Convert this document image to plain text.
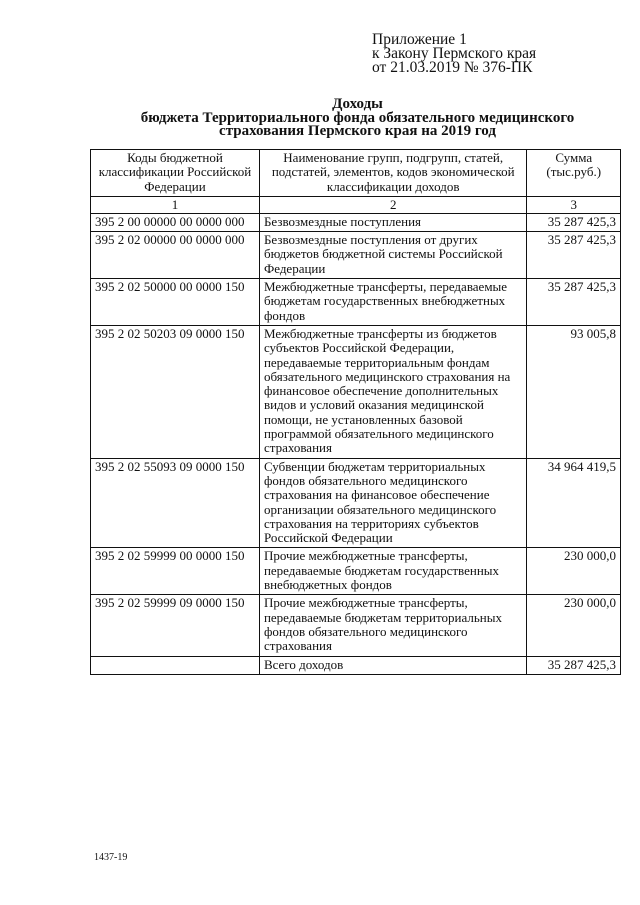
Приложение 1
к Закону Пермского края
от 21.03.2019 № 376-ПК
Доходы
бюджета Территориального фонда обязательного медицинского
страхования Пермского края на 2019 год
Коды бюджетной классификации Российской Федерации	Наименование групп, подгрупп, статей, подстатей, элементов, кодов экономической классификации доходов	Сумма (тыс.руб.)
1	2	3
395 2 00 00000 00 0000 000	Безвозмездные поступления	35 287 425,3
395 2 02 00000 00 0000 000	Безвозмездные поступления от других бюджетов бюджетной системы Российской Федерации	35 287 425,3
395 2 02 50000 00 0000 150	Межбюджетные трансферты, передаваемые бюджетам государственных внебюджетных фондов	35 287 425,3
395 2 02 50203 09 0000 150	Межбюджетные трансферты из бюджетов субъектов Российской Федерации, передаваемые территориальным фондам обязательного медицинского страхования на финансовое обеспечение дополнительных видов и условий оказания медицинской помощи, не установленных базовой программой обязательного медицинского страхования	93 005,8
395 2 02 55093 09 0000 150	Субвенции бюджетам территориальных фондов обязательного медицинского страхования на финансовое обеспечение организации обязательного медицинского страхования на территориях субъектов Российской Федерации	34 964 419,5
395 2 02 59999 00 0000 150	Прочие межбюджетные трансферты, передаваемые бюджетам государственных внебюджетных фондов	230 000,0
395 2 02 59999 09 0000 150	Прочие межбюджетные трансферты, передаваемые бюджетам территориальных фондов обязательного медицинского страхования	230 000,0
	Всего доходов	35 287 425,3
1437-19
